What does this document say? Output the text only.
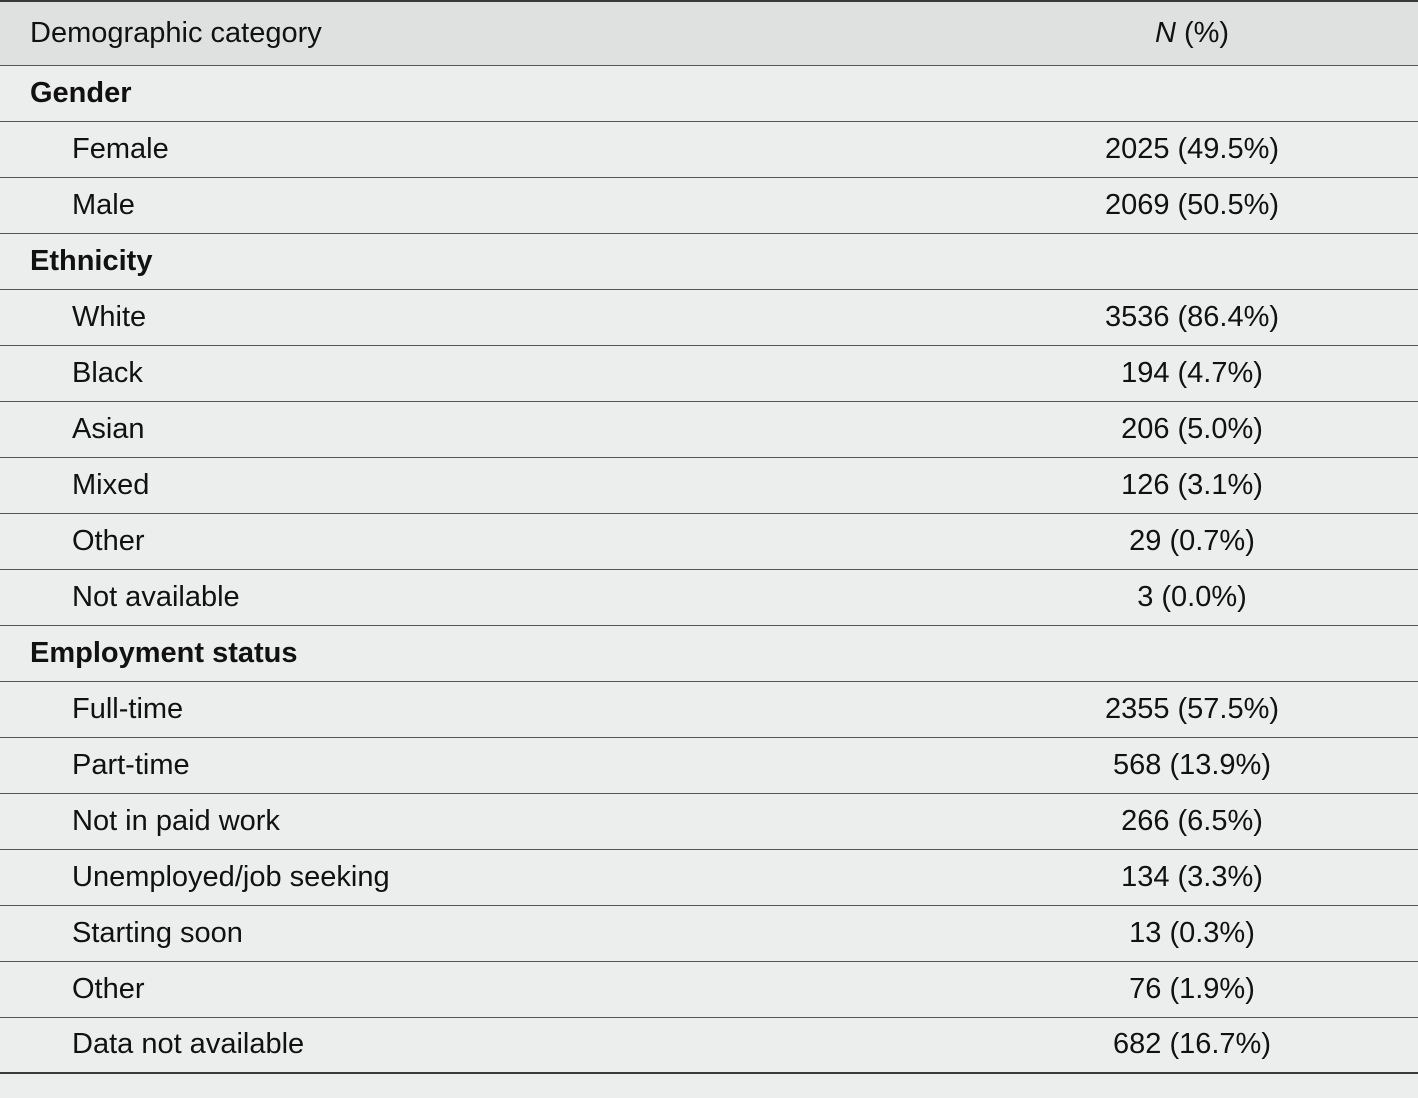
Demographic category	N (%)
Gender	
Female	2025 (49.5%)
Male	2069 (50.5%)
Ethnicity	
White	3536 (86.4%)
Black	194 (4.7%)
Asian	206 (5.0%)
Mixed	126 (3.1%)
Other	29 (0.7%)
Not available	3 (0.0%)
Employment status	
Full-time	2355 (57.5%)
Part-time	568 (13.9%)
Not in paid work	266 (6.5%)
Unemployed/job seeking	134 (3.3%)
Starting soon	13 (0.3%)
Other	76 (1.9%)
Data not available	682 (16.7%)
